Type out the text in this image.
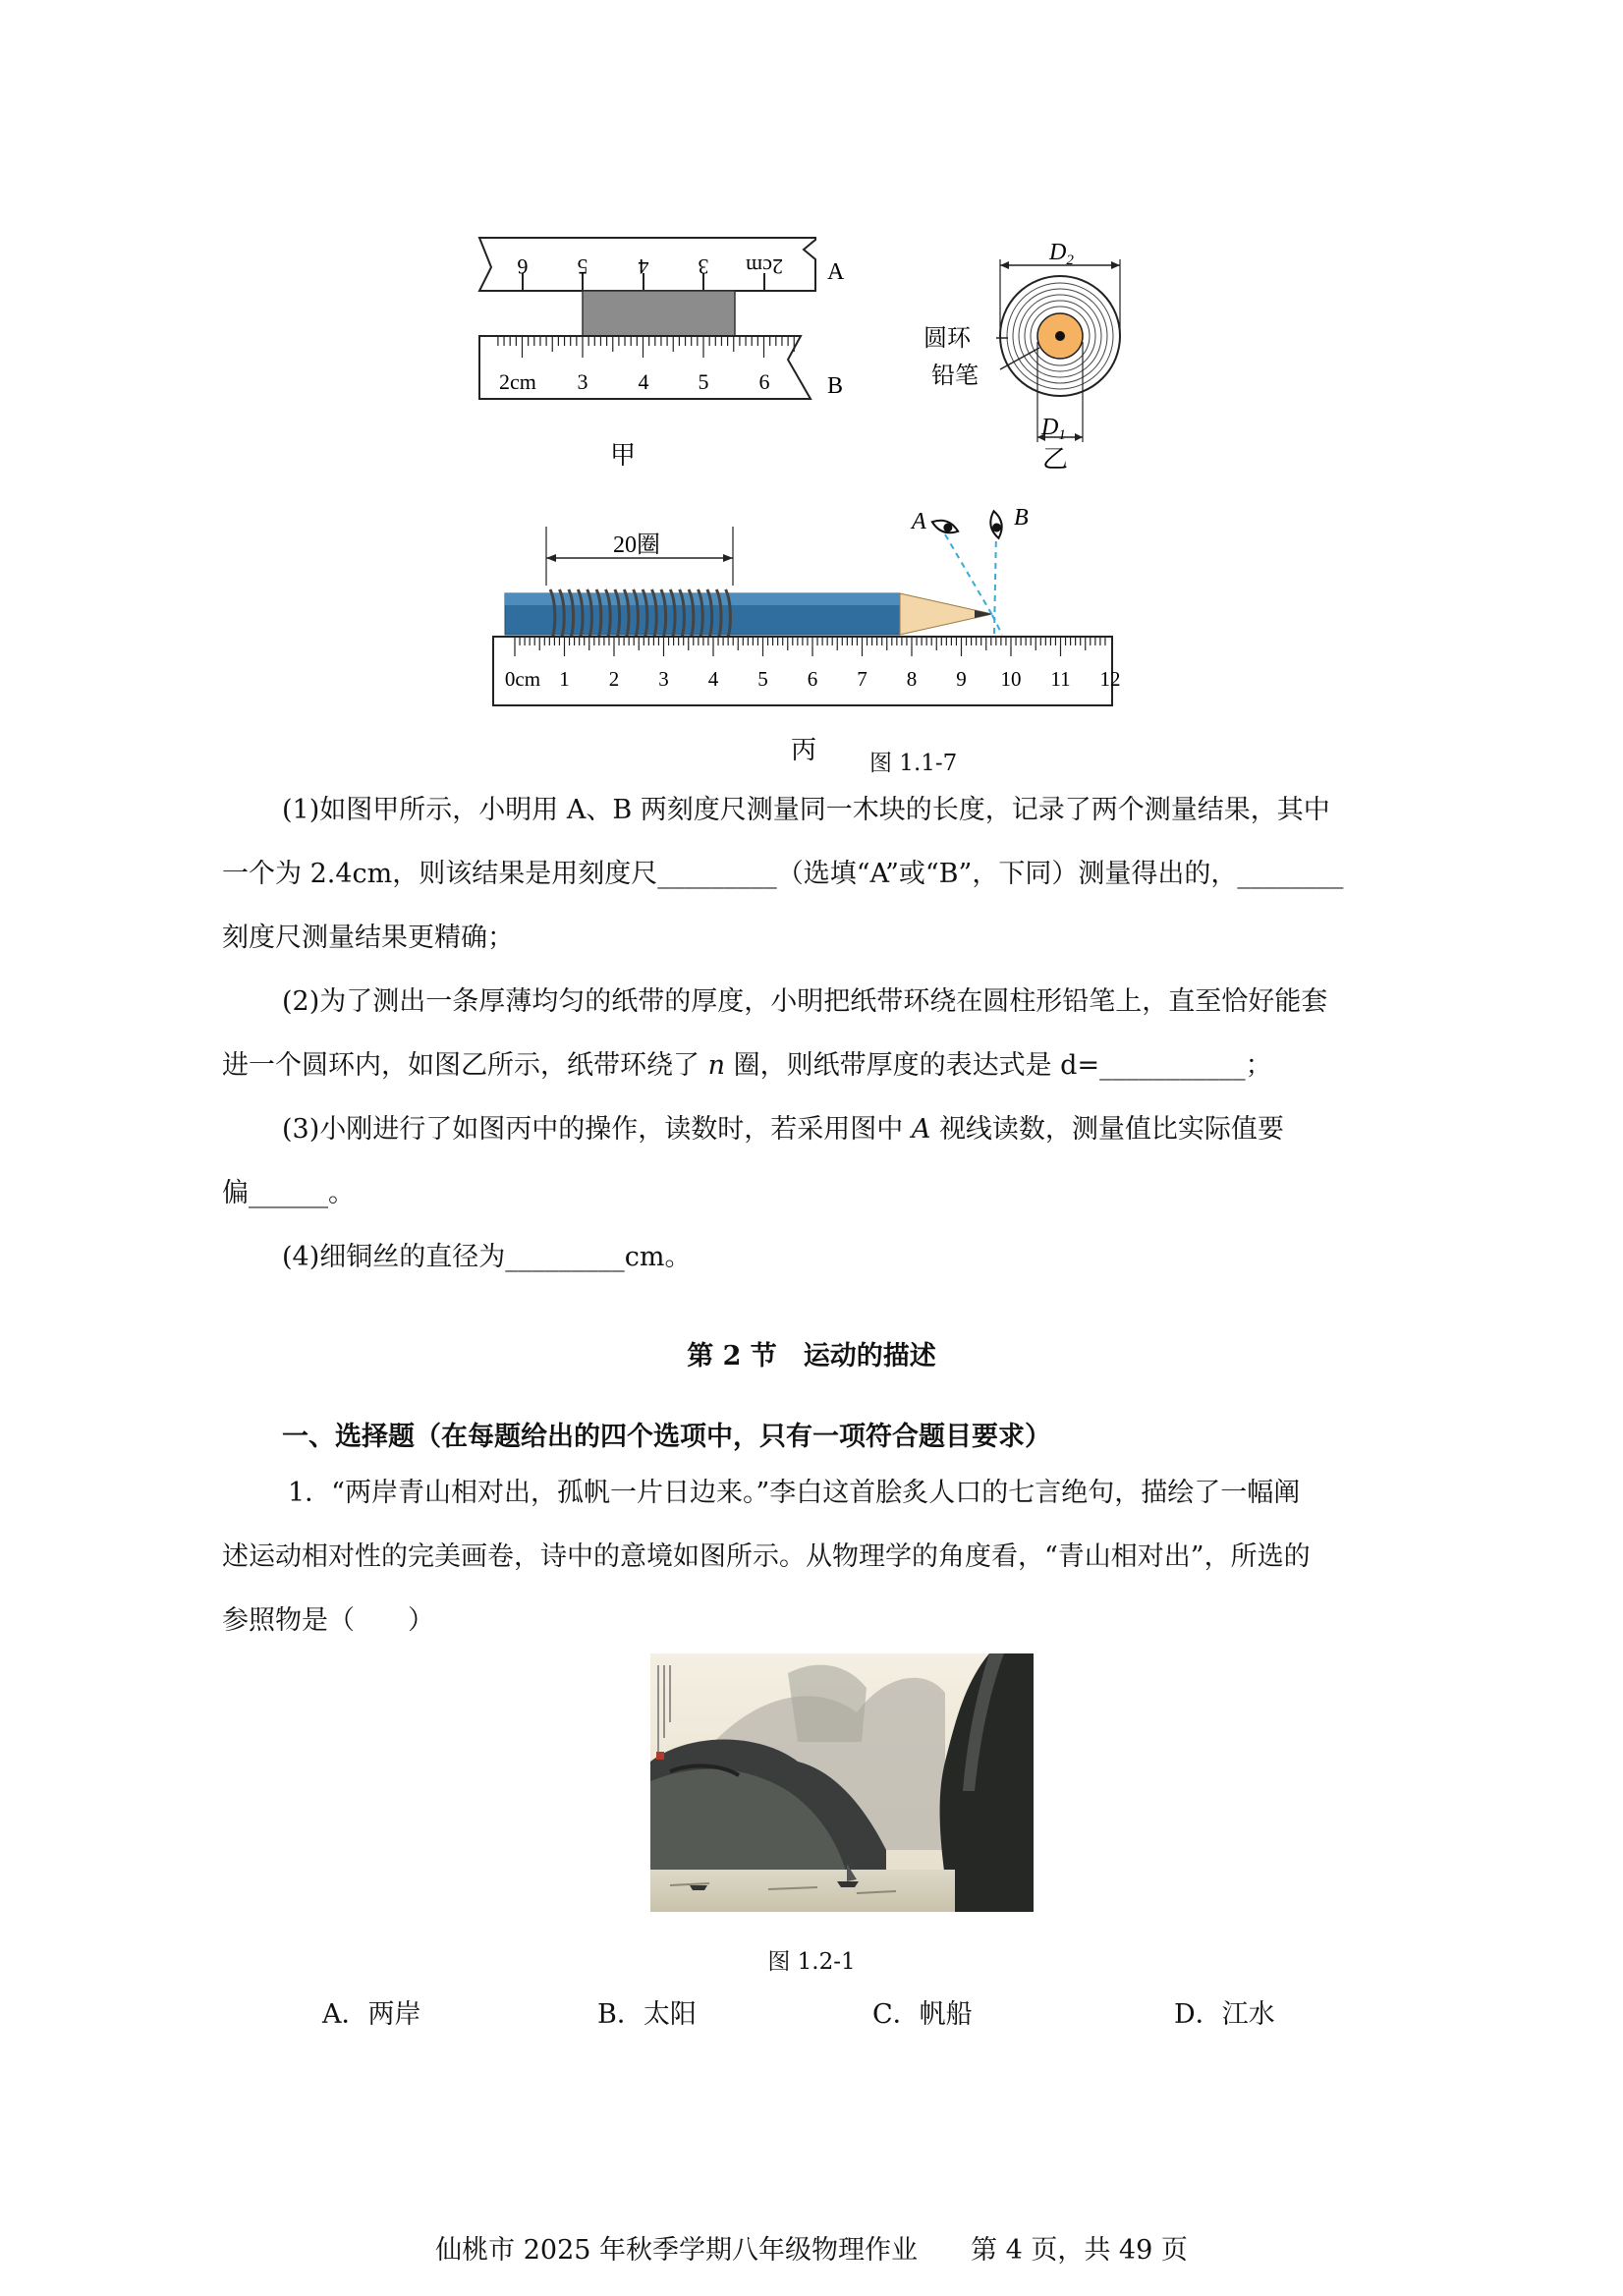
2cm
3
4
5
6	A
2cm 3 4 5 6 B
甲
$D_2$
圆环
铅笔
$D_1$
乙
20圈
A	B
0cm 1 2 3 4 5 6 7 8 9 10 11 12
丙 图 1.1-7
(1)如图甲所示，小明用 A、B 两刻度尺测量同一木块的长度，记录了两个测量结果，其中
一个为 2.4cm，则该结果是用刻度尺_________（选填“A”或“B”，下同）测量得出的，________
刻度尺测量结果更精确；
(2)为了测出一条厚薄均匀的纸带的厚度，小明把纸带环绕在圆柱形铅笔上，直至恰好能套
进一个圆环内，如图乙所示，纸带环绕了 n 圈，则纸带厚度的表达式是 d=___________；
(3)小刚进行了如图丙中的操作，读数时，若采用图中 A 视线读数，测量值比实际值要
偏______。
(4)细铜丝的直径为_________cm。
第 2 节　运动的描述
一、选择题（在每题给出的四个选项中，只有一项符合题目要求）
1．“两岸青山相对出，孤帆一片日边来。”李白这首脍炙人口的七言绝句，描绘了一幅阐
述运动相对性的完美画卷，诗中的意境如图所示。从物理学的角度看，“青山相对出”，所选的
参照物是（　　）
图 1.2-1
A．两岸	B．太阳	C．帆船	D．江水
仙桃市 2025 年秋季学期八年级物理作业　　第 4 页，共 49 页
